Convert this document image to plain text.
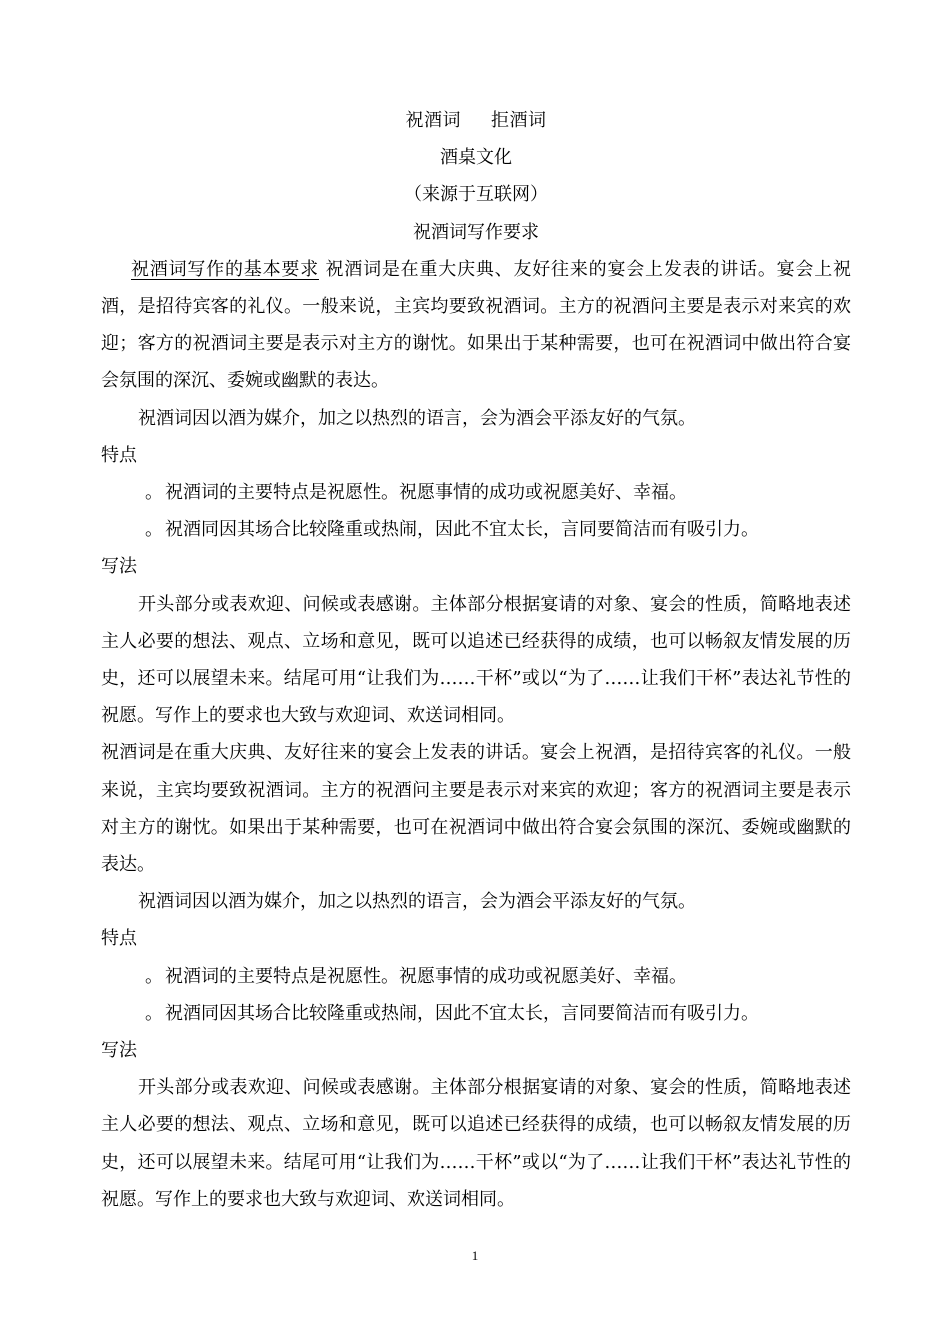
祝酒词 拒酒词

酒桌文化

（来源于互联网）

祝酒词写作要求

祝酒词写作的基本要求 祝酒词是在重大庆典、友好往来的宴会上发表的讲话。宴会上祝酒，是招待宾客的礼仪。一般来说，主宾均要致祝酒词。主方的祝酒问主要是表示对来宾的欢迎；客方的祝酒词主要是表示对主方的谢忱。如果出于某种需要，也可在祝酒词中做出符合宴会氛围的深沉、委婉或幽默的表达。

祝酒词因以酒为媒介，加之以热烈的语言，会为酒会平添友好的气氛。

特点

。 祝酒词的主要特点是祝愿性。祝愿事情的成功或祝愿美好、幸福。

。 祝酒同因其场合比较隆重或热闹，因此不宜太长，言同要简洁而有吸引力。

写法

开头部分或表欢迎、问候或表感谢。主体部分根据宴请的对象、宴会的性质，简略地表述主人必要的想法、观点、立场和意见，既可以追述已经获得的成绩，也可以畅叙友情发展的历史，还可以展望未来。结尾可用“让我们为……干杯”或以“为了……让我们干杯”表达礼节性的祝愿。写作上的要求也大致与欢迎词、欢送词相同。

祝酒词是在重大庆典、友好往来的宴会上发表的讲话。宴会上祝酒，是招待宾客的礼仪。一般来说，主宾均要致祝酒词。主方的祝酒问主要是表示对来宾的欢迎；客方的祝酒词主要是表示对主方的谢忱。如果出于某种需要，也可在祝酒词中做出符合宴会氛围的深沉、委婉或幽默的表达。

祝酒词因以酒为媒介，加之以热烈的语言，会为酒会平添友好的气氛。

特点

。 祝酒词的主要特点是祝愿性。祝愿事情的成功或祝愿美好、幸福。

。 祝酒同因其场合比较隆重或热闹，因此不宜太长，言同要简洁而有吸引力。

写法

开头部分或表欢迎、问候或表感谢。主体部分根据宴请的对象、宴会的性质，简略地表述主人必要的想法、观点、立场和意见，既可以追述已经获得的成绩，也可以畅叙友情发展的历史，还可以展望未来。结尾可用“让我们为……干杯”或以“为了……让我们干杯”表达礼节性的祝愿。写作上的要求也大致与欢迎词、欢送词相同。

1
